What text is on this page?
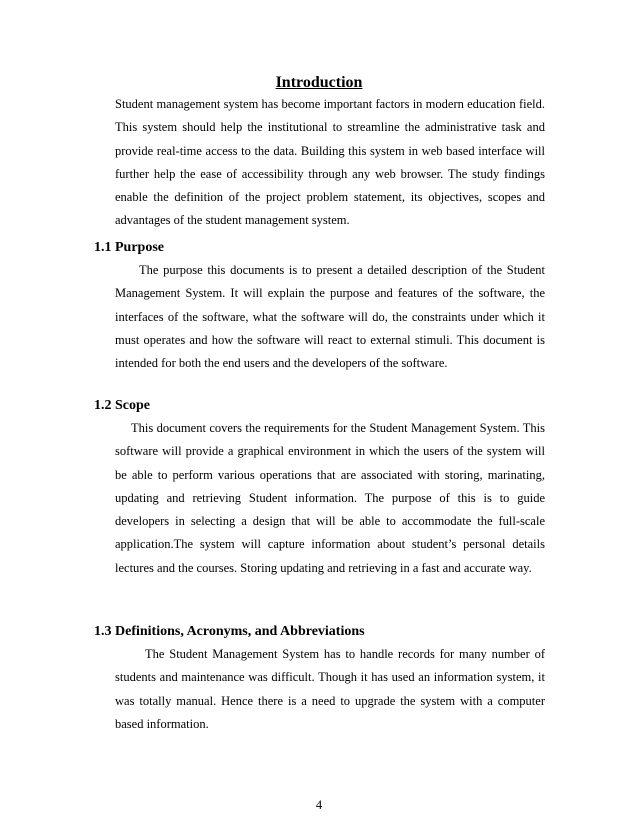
Introduction

Student management system has become important factors in modern education field. This system should help the institutional to streamline the administrative task and provide real-time access to the data. Building this system in web based interface will further help the ease of accessibility through any web browser. The study findings enable the definition of the project problem statement, its objectives, scopes and advantages of the student management system.

1.1 Purpose

The purpose this documents is to present a detailed description of the Student Management System. It will explain the purpose and features of the software, the interfaces of the software, what the software will do, the constraints under which it must operates and how the software will react to external stimuli. This document is intended for both the end users and the developers of the software.

1.2 Scope

This document covers the requirements for the Student Management System. This software will provide a graphical environment in which the users of the system will be able to perform various operations that are associated with storing, marinating, updating and retrieving Student information. The purpose of this is to guide developers in selecting a design that will be able to accommodate the full-scale application.The system will capture information about student’s personal details lectures and the courses. Storing updating and retrieving in a fast and accurate way.

1.3 Definitions, Acronyms, and Abbreviations

The Student Management System has to handle records for many number of students and maintenance was difficult. Though it has used an information system, it was totally manual. Hence there is a need to upgrade the system with a computer based information.

4
